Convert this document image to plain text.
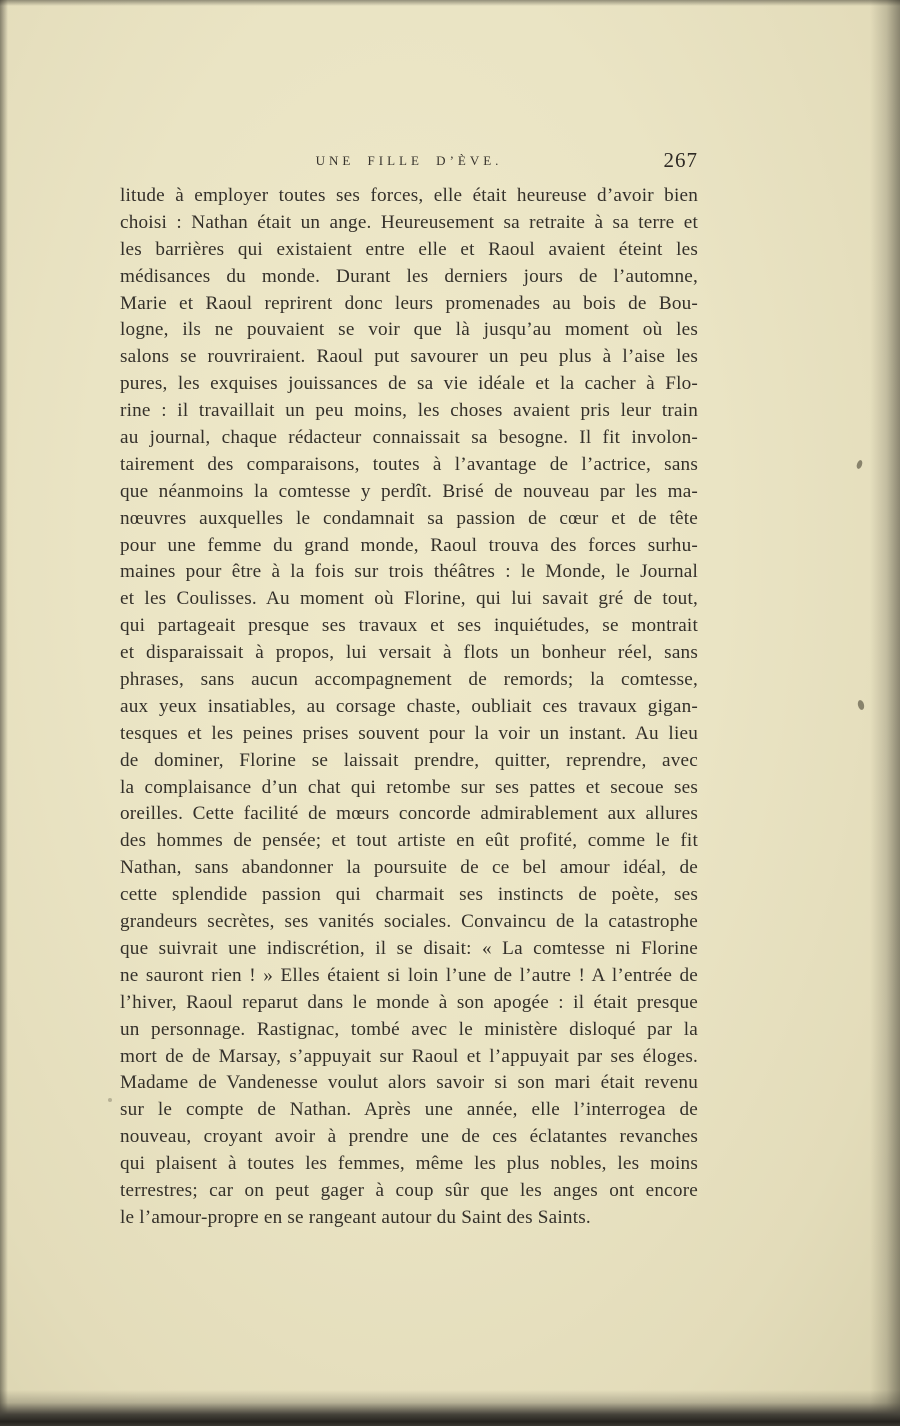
UNE FILLE D’ÈVE.	267
litude à employer toutes ses forces, elle était heureuse d’avoir bien
choisi : Nathan était un ange. Heureusement sa retraite à sa terre et
les barrières qui existaient entre elle et Raoul avaient éteint les
médisances du monde. Durant les derniers jours de l’automne,
Marie et Raoul reprirent donc leurs promenades au bois de Bou-
logne, ils ne pouvaient se voir que là jusqu’au moment où les
salons se rouvriraient. Raoul put savourer un peu plus à l’aise les
pures, les exquises jouissances de sa vie idéale et la cacher à Flo-
rine : il travaillait un peu moins, les choses avaient pris leur train
au journal, chaque rédacteur connaissait sa besogne. Il fit involon-
tairement des comparaisons, toutes à l’avantage de l’actrice, sans
que néanmoins la comtesse y perdît. Brisé de nouveau par les ma-
nœuvres auxquelles le condamnait sa passion de cœur et de tête
pour une femme du grand monde, Raoul trouva des forces surhu-
maines pour être à la fois sur trois théâtres : le Monde, le Journal
et les Coulisses. Au moment où Florine, qui lui savait gré de tout,
qui partageait presque ses travaux et ses inquiétudes, se montrait
et disparaissait à propos, lui versait à flots un bonheur réel, sans
phrases, sans aucun accompagnement de remords; la comtesse,
aux yeux insatiables, au corsage chaste, oubliait ces travaux gigan-
tesques et les peines prises souvent pour la voir un instant. Au lieu
de dominer, Florine se laissait prendre, quitter, reprendre, avec
la complaisance d’un chat qui retombe sur ses pattes et secoue ses
oreilles. Cette facilité de mœurs concorde admirablement aux allures
des hommes de pensée; et tout artiste en eût profité, comme le fit
Nathan, sans abandonner la poursuite de ce bel amour idéal, de
cette splendide passion qui charmait ses instincts de poète, ses
grandeurs secrètes, ses vanités sociales. Convaincu de la catastrophe
que suivrait une indiscrétion, il se disait: « La comtesse ni Florine
ne sauront rien ! » Elles étaient si loin l’une de l’autre ! A l’entrée de
l’hiver, Raoul reparut dans le monde à son apogée : il était presque
un personnage. Rastignac, tombé avec le ministère disloqué par la
mort de de Marsay, s’appuyait sur Raoul et l’appuyait par ses éloges.
Madame de Vandenesse voulut alors savoir si son mari était revenu
sur le compte de Nathan. Après une année, elle l’interrogea de
nouveau, croyant avoir à prendre une de ces éclatantes revanches
qui plaisent à toutes les femmes, même les plus nobles, les moins
terrestres; car on peut gager à coup sûr que les anges ont encore
le l’amour-propre en se rangeant autour du Saint des Saints.
